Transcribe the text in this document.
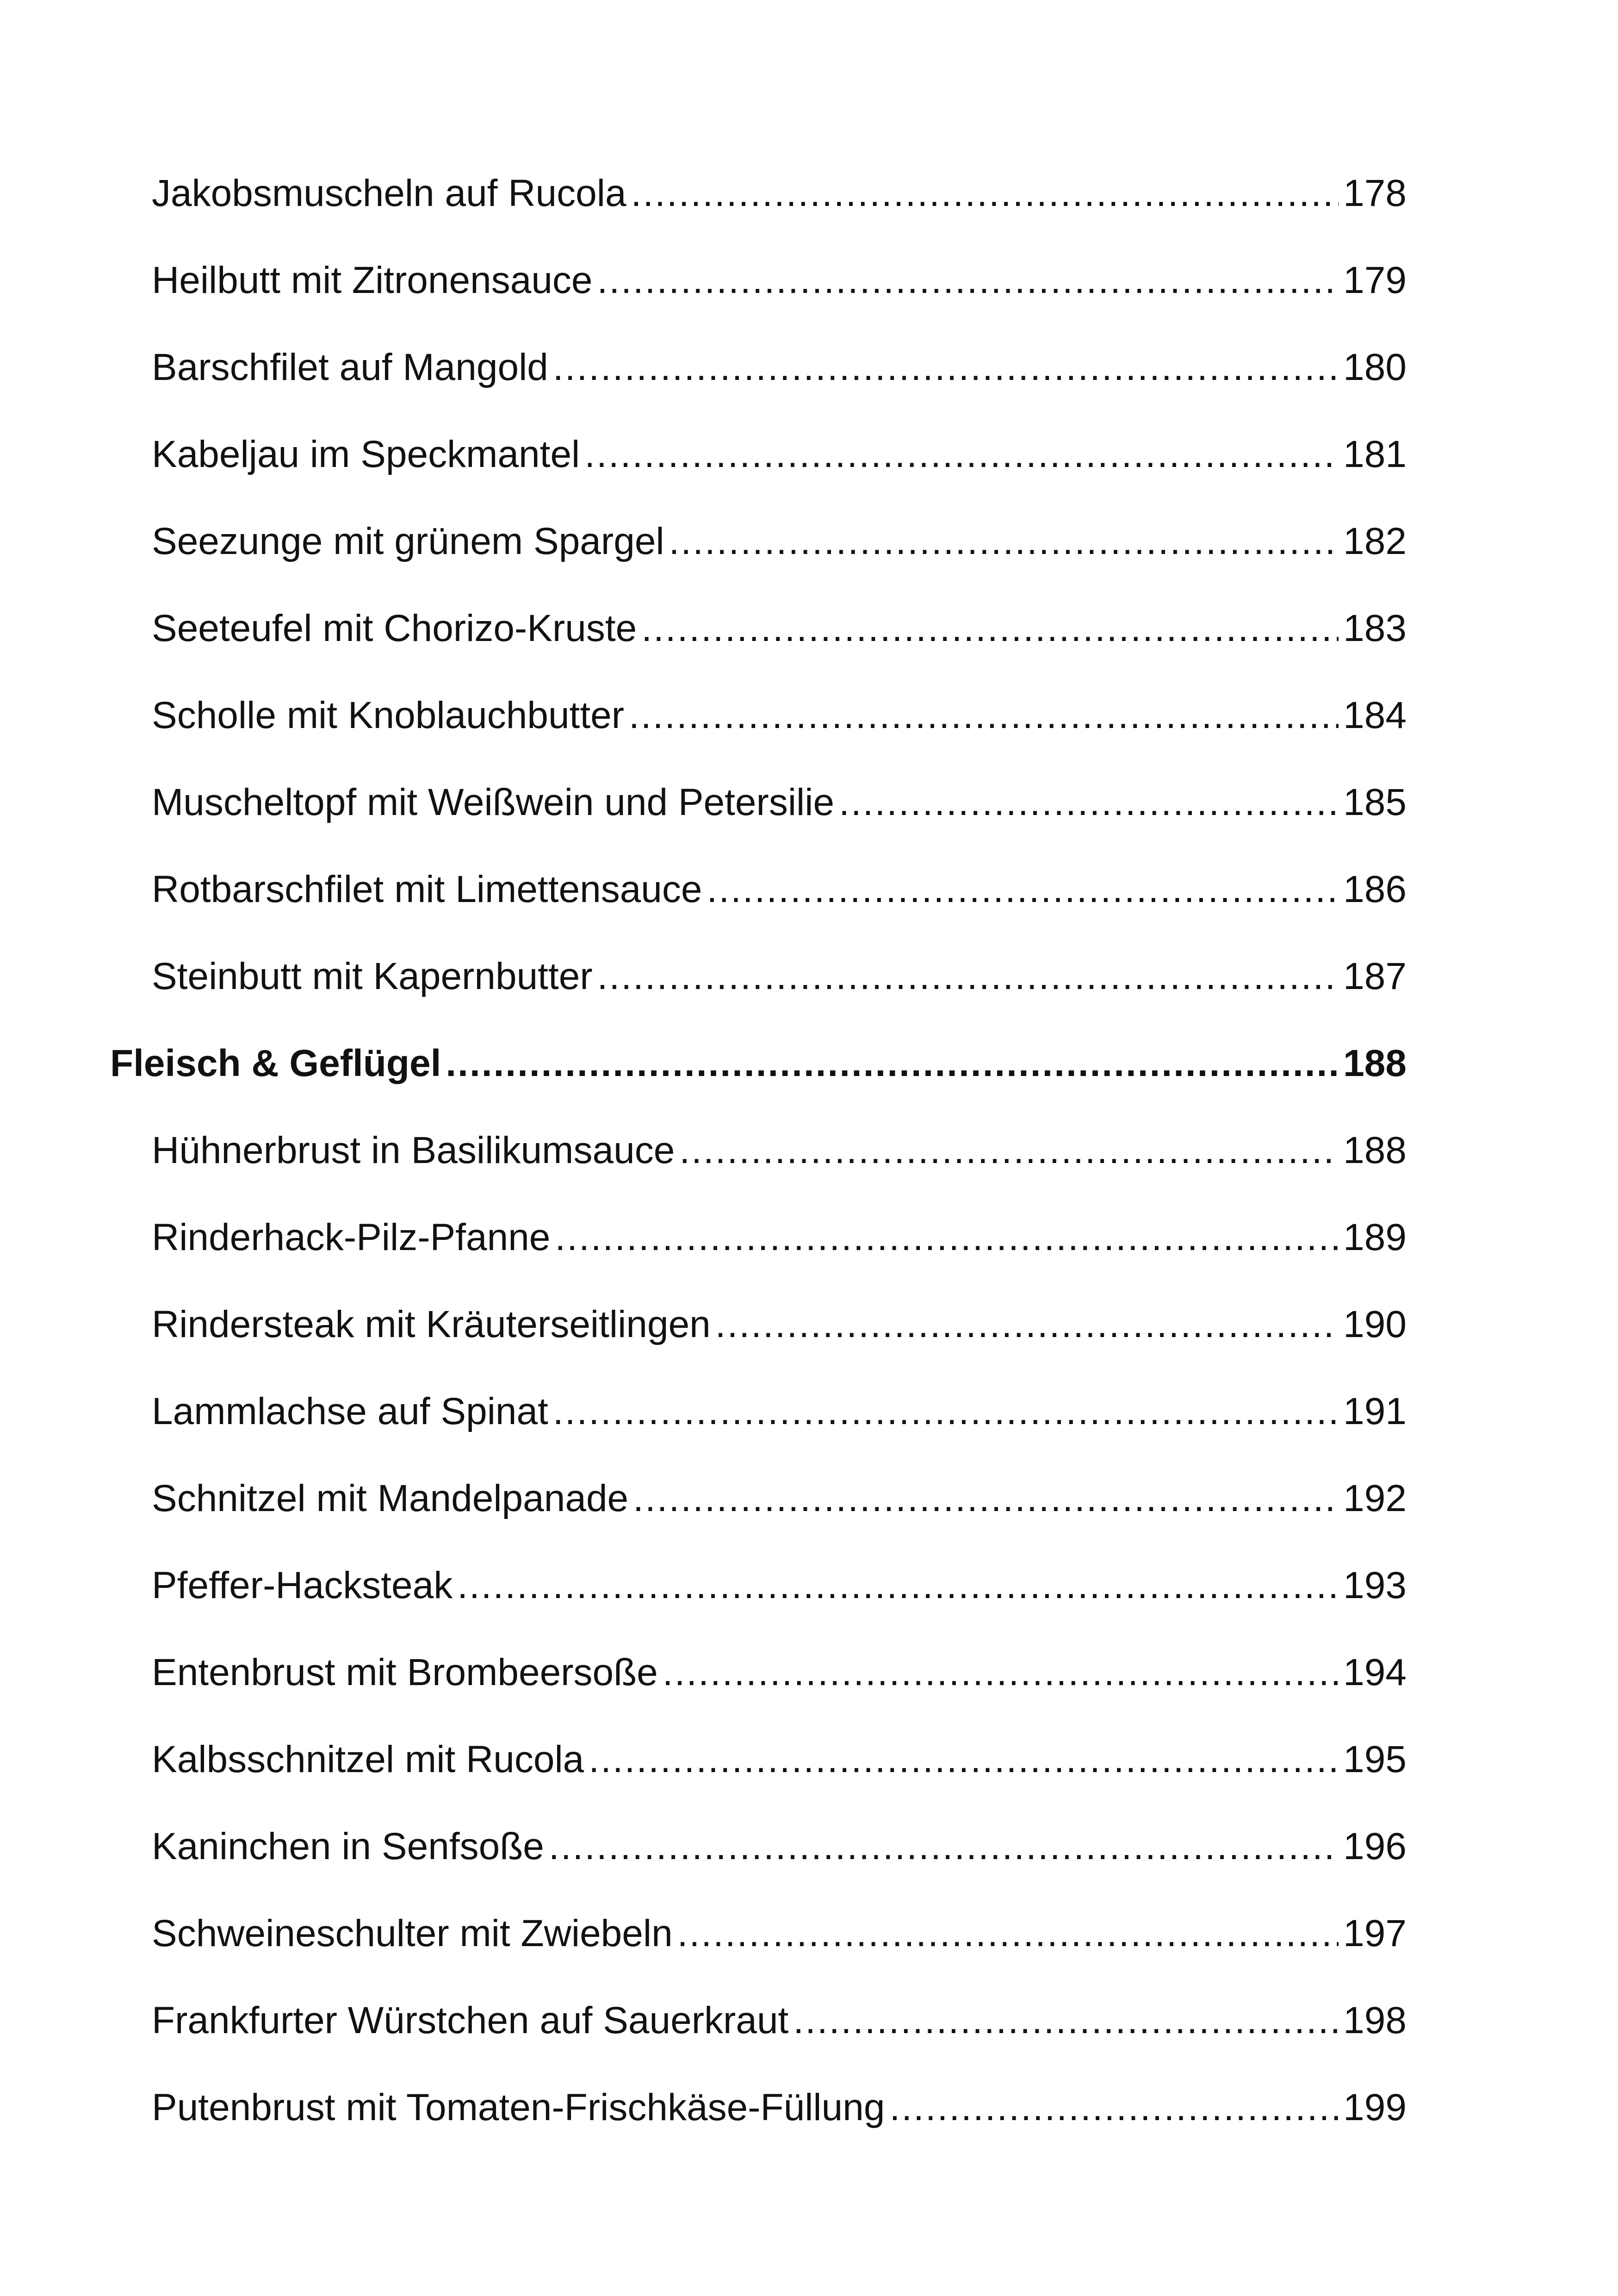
Jakobsmuscheln auf Rucola .....	178
Heilbutt mit Zitronensauce .....	179
Barschfilet auf Mangold .....	180
Kabeljau im Speckmantel .....	181
Seezunge mit grünem Spargel .....	182
Seeteufel mit Chorizo-Kruste .....	183
Scholle mit Knoblauchbutter .....	184
Muscheltopf mit Weißwein und Petersilie .....	185
Rotbarschfilet mit Limettensauce .....	186
Steinbutt mit Kapernbutter .....	187
Fleisch & Geflügel .....	188
Hühnerbrust in Basilikumsauce .....	188
Rinderhack-Pilz-Pfanne .....	189
Rindersteak mit Kräuterseitlingen .....	190
Lammlachse auf Spinat .....	191
Schnitzel mit Mandelpanade .....	192
Pfeffer-Hacksteak .....	193
Entenbrust mit Brombeersoße .....	194
Kalbsschnitzel mit Rucola .....	195
Kaninchen in Senfsoße .....	196
Schweineschulter mit Zwiebeln .....	197
Frankfurter Würstchen auf Sauerkraut .....	198
Putenbrust mit Tomaten-Frischkäse-Füllung .....	199
